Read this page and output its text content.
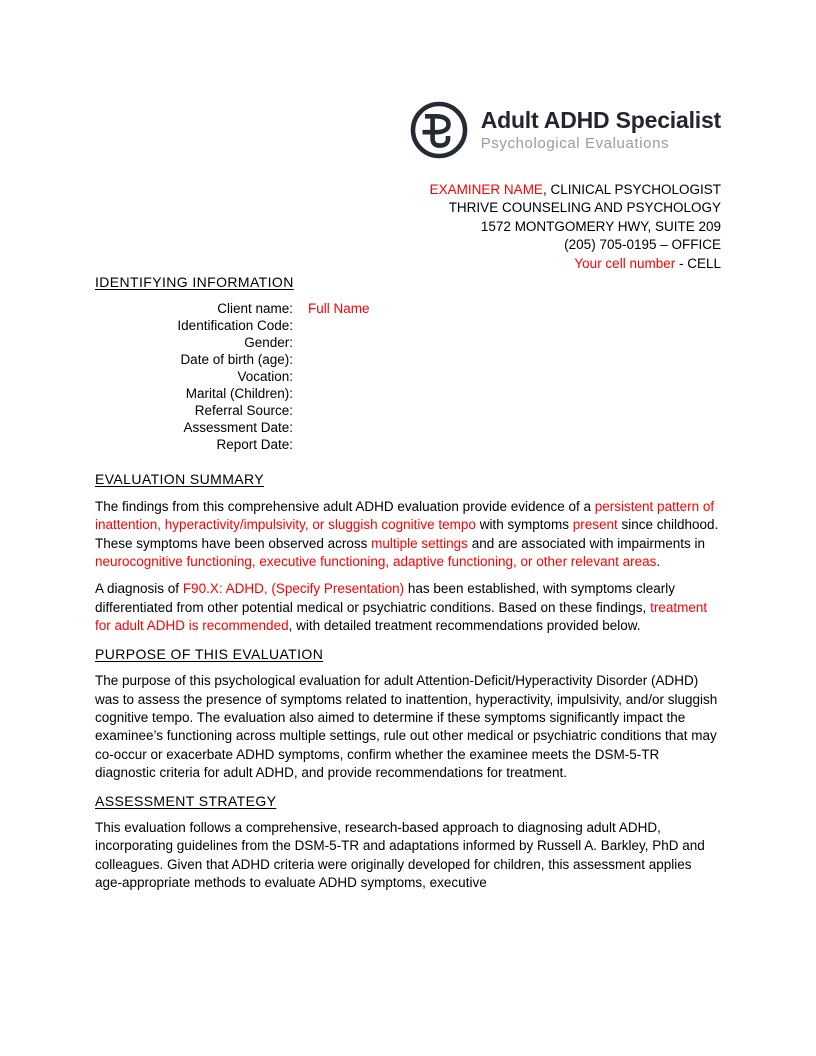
Adult ADHD Specialist
Psychological Evaluations
EXAMINER NAME, CLINICAL PSYCHOLOGIST
THRIVE COUNSELING AND PSYCHOLOGY
1572 MONTGOMERY HWY, SUITE 209
(205) 705-0195 – OFFICE
Your cell number - CELL
IDENTIFYING INFORMATION
Client name: Full Name
Identification Code:
Gender:
Date of birth (age):
Vocation:
Marital (Children):
Referral Source:
Assessment Date:
Report Date:
EVALUATION SUMMARY

The findings from this comprehensive adult ADHD evaluation provide evidence of a persistent pattern of inattention, hyperactivity/impulsivity, or sluggish cognitive tempo with symptoms present since childhood. These symptoms have been observed across multiple settings and are associated with impairments in neurocognitive functioning, executive functioning, adaptive functioning, or other relevant areas.

A diagnosis of F90.X: ADHD, (Specify Presentation) has been established, with symptoms clearly differentiated from other potential medical or psychiatric conditions. Based on these findings, treatment for adult ADHD is recommended, with detailed treatment recommendations provided below.

PURPOSE OF THIS EVALUATION

The purpose of this psychological evaluation for adult Attention-Deficit/Hyperactivity Disorder (ADHD) was to assess the presence of symptoms related to inattention, hyperactivity, impulsivity, and/or sluggish cognitive tempo. The evaluation also aimed to determine if these symptoms significantly impact the examinee’s functioning across multiple settings, rule out other medical or psychiatric conditions that may co-occur or exacerbate ADHD symptoms, confirm whether the examinee meets the DSM-5-TR diagnostic criteria for adult ADHD, and provide recommendations for treatment.

ASSESSMENT STRATEGY

This evaluation follows a comprehensive, research-based approach to diagnosing adult ADHD, incorporating guidelines from the DSM-5-TR and adaptations informed by Russell A. Barkley, PhD and colleagues. Given that ADHD criteria were originally developed for children, this assessment applies age-appropriate methods to evaluate ADHD symptoms, executive
